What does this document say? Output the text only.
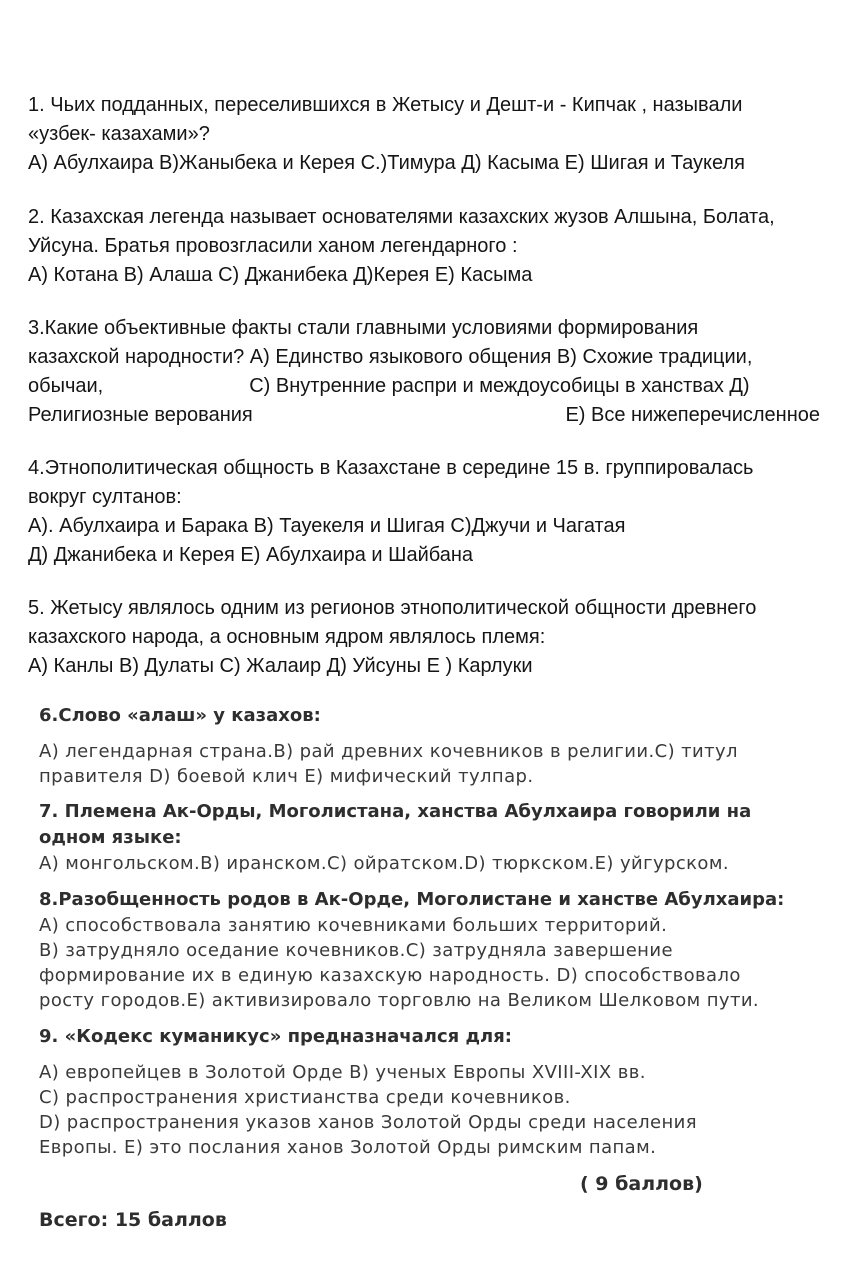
1. Чьих подданных, переселившихся в Жетысу и Дешт-и - Кипчак , называли

«узбек- казахами»?

А) Абулхаира В)Жаныбека и Керея С.)Тимура Д) Касыма Е) Шигая и Таукеля

2. Казахская легенда называет основателями казахских жузов Алшына, Болата,

Уйсуна. Братья провозгласили ханом легендарного :

А) Котана В) Алаша С) Джанибека Д)Керея Е) Касыма

3.Какие объективные факты стали главными условиями формирования

казахской народности? А) Единство языкового общения В) Схожие традиции,

обычаи,	С) Внутренние распри и междоусобицы в ханствах Д)

Религиозные верования	Е) Все нижеперечисленное

4.Этнополитическая общность в Казахстане в середине 15 в. группировалась

вокруг султанов:

А). Абулхаира и Барака В) Тауекеля и Шигая С)Джучи и Чагатая

Д) Джанибека и Керея Е) Абулхаира и Шайбана

5. Жетысу являлось одним из регионов этнополитической общности древнего

казахского народа, а основным ядром являлось племя:

А) Канлы В) Дулаты С) Жалаир Д) Уйсуны Е ) Карлуки

6.Слово «алаш» у казахов:

А) легендарная страна.В) рай древних кочевников в религии.С) титул

правителя D) боевой клич Е) мифический тулпар.

7. Племена Ак-Орды, Моголистана, ханства Абулхаира говорили на

одном языке:

А) монгольском.В) иранском.С) ойратском.D) тюркском.Е) уйгурском.

8.Разобщенность родов в Ак-Орде, Моголистане и ханстве Абулхаира:

А) способствовала занятию кочевниками больших территорий.

В) затрудняло оседание кочевников.С) затрудняла завершение

формирование их в единую казахскую народность. D) способствовало

росту городов.Е) активизировало торговлю на Великом Шелковом пути.

9. «Кодекс куманикус» предназначался для:

А) европейцев в Золотой Орде В) ученых Европы XVIII-XIX вв.

С) распространения христианства среди кочевников.

D) распространения указов ханов Золотой Орды среди населения

Европы. Е) это послания ханов Золотой Орды римским папам.

( 9 баллов)
Всего: 15 баллов
